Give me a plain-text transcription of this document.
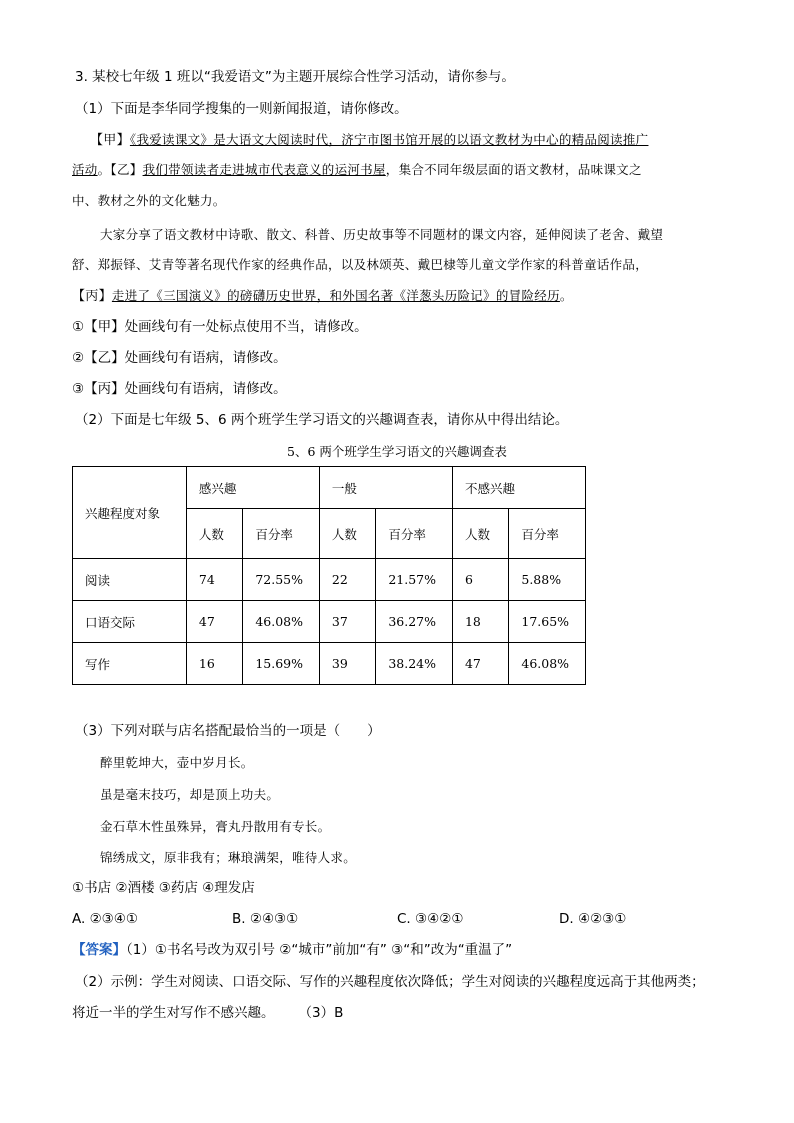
3. 某校七年级 1 班以“我爱语文”为主题开展综合性学习活动，请你参与。
（1）下面是李华同学搜集的一则新闻报道，请你修改。
【甲】《我爱读课文》是大语文大阅读时代，济宁市图书馆开展的以语文教材为中心的精品阅读推广
活动。【乙】我们带领读者走进城市代表意义的运河书屋，集合不同年级层面的语文教材，品味课文之
中、教材之外的文化魅力。
大家分享了语文教材中诗歌、散文、科普、历史故事等不同题材的课文内容，延伸阅读了老舍、戴望
舒、郑振铎、艾青等著名现代作家的经典作品，以及林颂英、戴巴棣等儿童文学作家的科普童话作品，
【丙】走进了《三国演义》的磅礴历史世界，和外国名著《洋葱头历险记》的冒险经历。
①【甲】处画线句有一处标点使用不当，请修改。
②【乙】处画线句有语病，请修改。
③【丙】处画线句有语病，请修改。
（2）下面是七年级 5、6 两个班学生学习语文的兴趣调查表，请你从中得出结论。
5、6 两个班学生学习语文的兴趣调查表
兴趣程度对象	感兴趣		一般		不感兴趣	
	人数	百分率	人数	百分率	人数	百分率
阅读	74	72.55%	22	21.57%	6	5.88%
口语交际	47	46.08%	37	36.27%	18	17.65%
写作	16	15.69%	39	38.24%	47	46.08%
（3）下列对联与店名搭配最恰当的一项是（　　）
醉里乾坤大，壶中岁月长。
虽是毫末技巧，却是顶上功夫。
金石草木性虽殊异，膏丸丹散用有专长。
锦绣成文，原非我有；琳琅满架，唯待人求。
①书店 ②酒楼 ③药店 ④理发店
A. ②③④①	B. ②④③①	C. ③④②①	D. ④②③①
【答案】（1）①书名号改为双引号 ②“城市”前加“有” ③“和”改为“重温了”
（2）示例：学生对阅读、口语交际、写作的兴趣程度依次降低；学生对阅读的兴趣程度远高于其他两类；
将近一半的学生对写作不感兴趣。 （3）B
